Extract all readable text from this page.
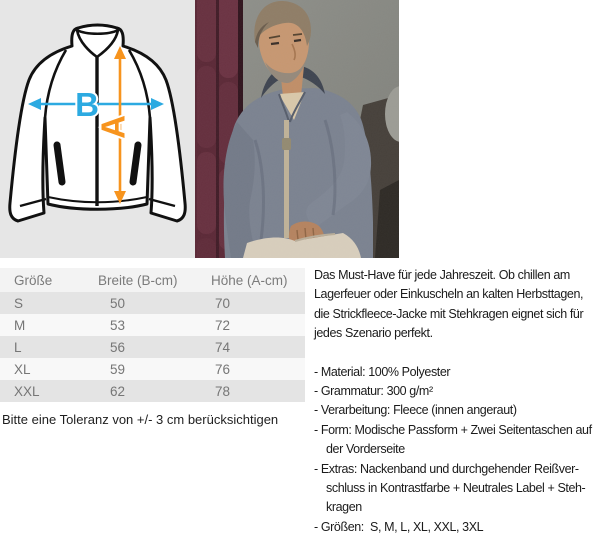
B
A
Größe	Breite (B-cm)	Höhe (A-cm)
S	50	70
M	53	72
L	56	74
XL	59	76
XXL	62	78
Bitte eine Toleranz von +/- 3 cm berücksichtigen
Das Must-Have für jede Jahreszeit. Ob chillen am
Lagerfeuer oder Einkuscheln an kalten Herbsttagen,
die Strickfleece-Jacke mit Stehkragen eignet sich für
jedes Szenario perfekt.
- Material: 100% Polyester
- Grammatur: 300 g/m²
- Verarbeitung: Fleece (innen angeraut)
- Form: Modische Passform + Zwei Seitentaschen auf
der Vorderseite
- Extras: Nackenband und durchgehender Reißver-
schluss in Kontrastfarbe + Neutrales Label + Steh-
kragen
- Größen:  S, M, L, XL, XXL, 3XL
